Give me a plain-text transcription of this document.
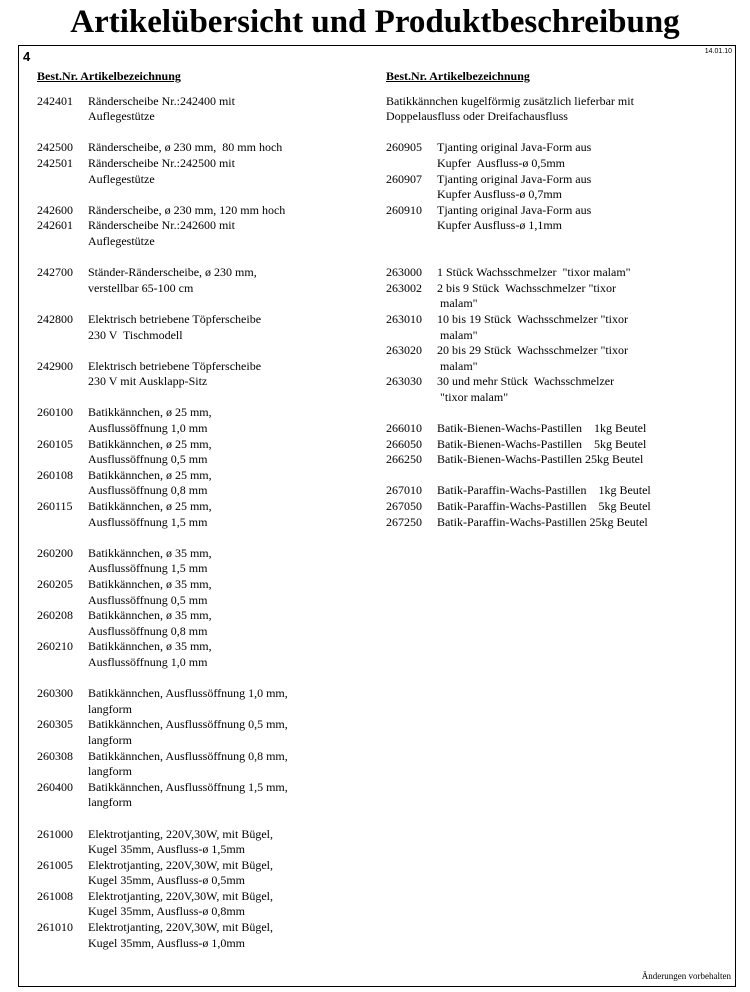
Artikelübersicht und Produktbeschreibung
4	14.01.10
Best.Nr. Artikelbezeichnung
242401	Ränderscheibe Nr.:242400 mit
Auflegestütze
242500	Ränderscheibe, ø 230 mm,  80 mm hoch
242501	Ränderscheibe Nr.:242500 mit
Auflegestütze
242600	Ränderscheibe, ø 230 mm, 120 mm hoch
242601	Ränderscheibe Nr.:242600 mit
Auflegestütze
242700	Ständer-Ränderscheibe, ø 230 mm,
verstellbar 65-100 cm
242800	Elektrisch betriebene Töpferscheibe
230 V  Tischmodell
242900	Elektrisch betriebene Töpferscheibe
230 V mit Ausklapp-Sitz
260100	Batikkännchen, ø 25 mm,
Ausflussöffnung 1,0 mm
260105	Batikkännchen, ø 25 mm,
Ausflussöffnung 0,5 mm
260108	Batikkännchen, ø 25 mm,
Ausflussöffnung 0,8 mm
260115	Batikkännchen, ø 25 mm,
Ausflussöffnung 1,5 mm
260200	Batikkännchen, ø 35 mm,
Ausflussöffnung 1,5 mm
260205	Batikkännchen, ø 35 mm,
Ausflussöffnung 0,5 mm
260208	Batikkännchen, ø 35 mm,
Ausflussöffnung 0,8 mm
260210	Batikkännchen, ø 35 mm,
Ausflussöffnung 1,0 mm
260300	Batikkännchen, Ausflussöffnung 1,0 mm,
langform
260305	Batikkännchen, Ausflussöffnung 0,5 mm,
langform
260308	Batikkännchen, Ausflussöffnung 0,8 mm,
langform
260400	Batikkännchen, Ausflussöffnung 1,5 mm,
langform
261000	Elektrotjanting, 220V,30W, mit Bügel,
Kugel 35mm, Ausfluss-ø 1,5mm
261005	Elektrotjanting, 220V,30W, mit Bügel,
Kugel 35mm, Ausfluss-ø 0,5mm
261008	Elektrotjanting, 220V,30W, mit Bügel,
Kugel 35mm, Ausfluss-ø 0,8mm
261010	Elektrotjanting, 220V,30W, mit Bügel,
Kugel 35mm, Ausfluss-ø 1,0mm
Best.Nr. Artikelbezeichnung
Batikkännchen kugelförmig zusätzlich lieferbar mit
Doppelausfluss oder Dreifachausfluss
260905	Tjanting original Java-Form aus
Kupfer  Ausfluss-ø 0,5mm
260907	Tjanting original Java-Form aus
Kupfer Ausfluss-ø 0,7mm
260910	Tjanting original Java-Form aus
Kupfer Ausfluss-ø 1,1mm
263000	1 Stück Wachsschmelzer  "tixor malam"
263002	2 bis 9 Stück  Wachsschmelzer "tixor
malam"
263010	10 bis 19 Stück  Wachsschmelzer "tixor
malam"
263020	20 bis 29 Stück  Wachsschmelzer "tixor
malam"
263030	30 und mehr Stück  Wachsschmelzer
"tixor malam"
266010	Batik-Bienen-Wachs-Pastillen    1kg Beutel
266050	Batik-Bienen-Wachs-Pastillen    5kg Beutel
266250	Batik-Bienen-Wachs-Pastillen 25kg Beutel
267010	Batik-Paraffin-Wachs-Pastillen    1kg Beutel
267050	Batik-Paraffin-Wachs-Pastillen    5kg Beutel
267250	Batik-Paraffin-Wachs-Pastillen 25kg Beutel
Änderungen vorbehalten
